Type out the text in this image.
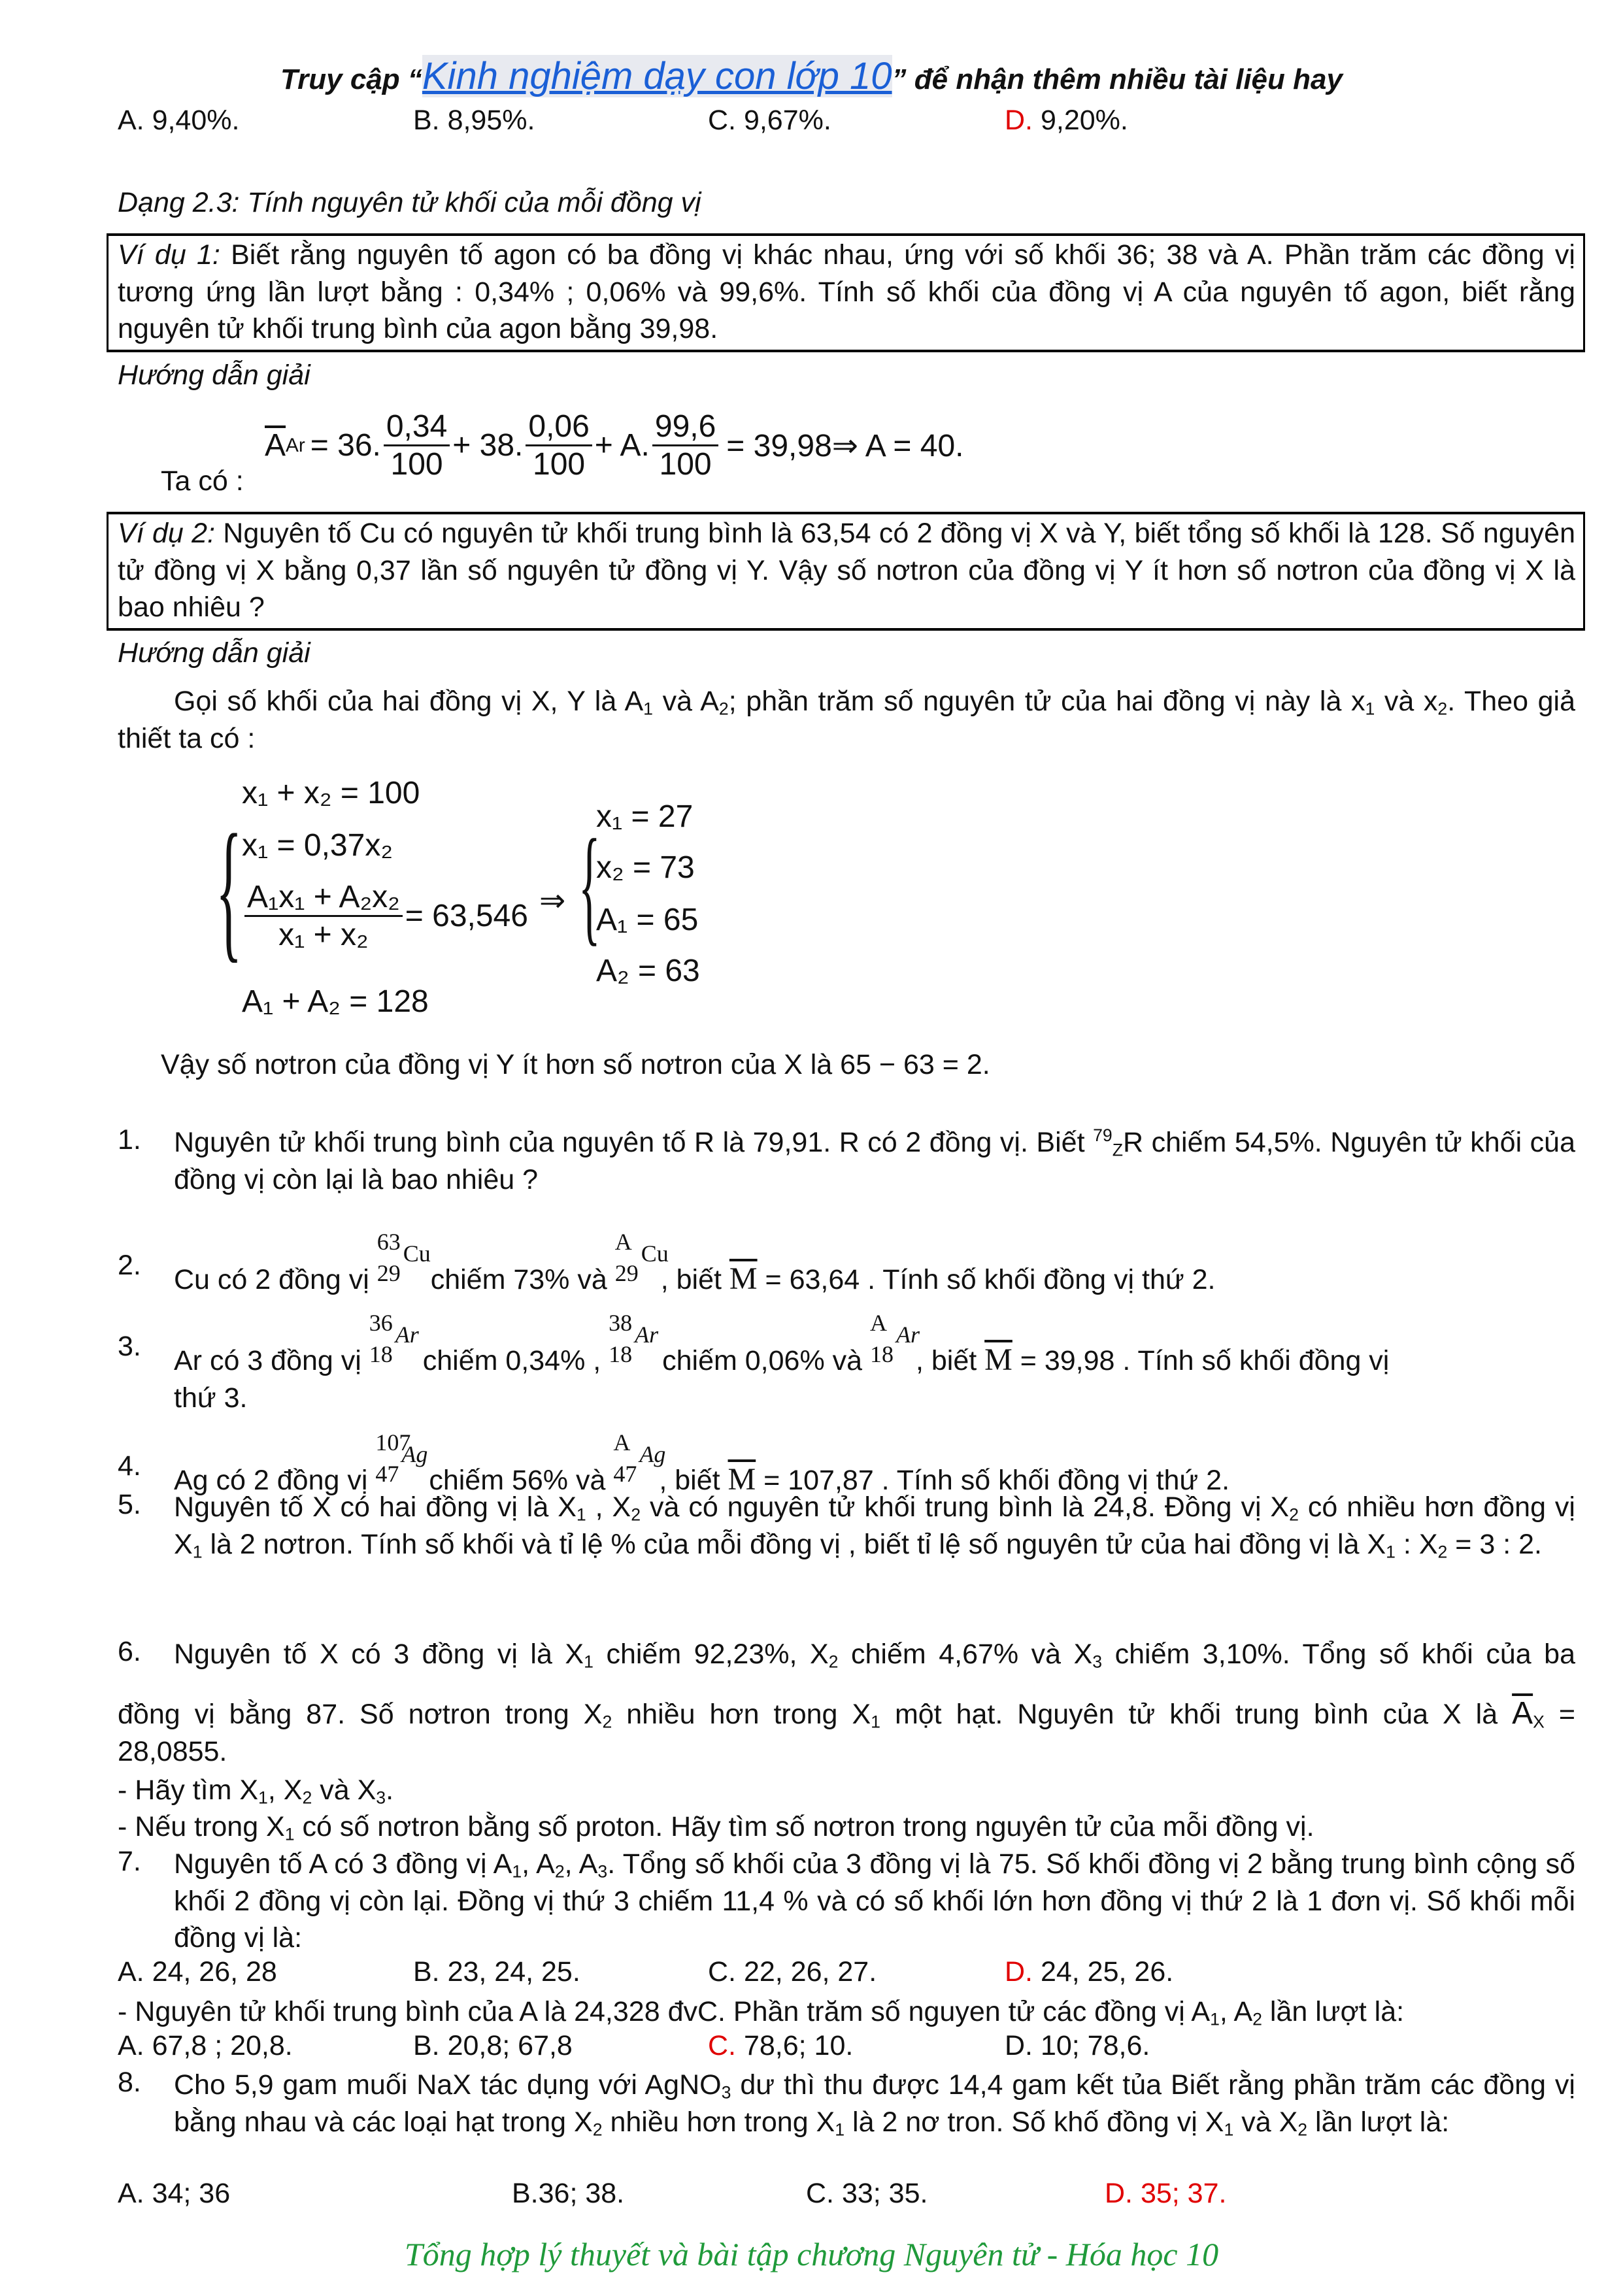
Truy cập “Kinh nghiệm dạy con lớp 10” để nhận thêm nhiều tài liệu hay
A. 9,40%.	B. 8,95%.	C. 9,67%.	D. 9,20%.
Dạng 2.3: Tính nguyên tử khối của mỗi đồng vị
Ví dụ 1: Biết rằng nguyên tố agon có ba đồng vị khác nhau, ứng với số khối 36; 38 và A. Phần trăm các đồng vị tương ứng lần lượt bằng : 0,34% ; 0,06% và 99,6%. Tính số khối của đồng vị A của nguyên tố agon, biết rằng nguyên tử khối trung bình của agon bằng 39,98.
Hướng dẫn giải
Ta có :
$\overline{A}$ Ar = 36. $\frac{0,34}{100} + 38$. $\frac{0,06}{100} + A$. $\frac{99,6}{100}$ = 39,98⇒ A = 40.
Ví dụ 2: Nguyên tố Cu có nguyên tử khối trung bình là 63,54 có 2 đồng vị X và Y, biết tổng số khối là 128. Số nguyên tử đồng vị X bằng 0,37 lần số nguyên tử đồng vị Y. Vậy số nơtron của đồng vị Y ít hơn số nơtron của đồng vị X là bao nhiêu ?
Hướng dẫn giải
Gọi số khối của hai đồng vị X, Y là $A_1$ và $A_2$; phần trăm số nguyên tử của hai đồng vị này là $x_1$ và $x_2$. Theo giả thiết ta có :
{
x₁ + x₂ = 100
x₁ = 0,37x₂
$\frac{\text{A₁x₁ + A₂x₂}}{\text{x₁ + x₂}} = 63,546$
A₁ + A₂ = 128
⇒ {
x₁ = 27
x₂ = 73
A₁ = 65
A₂ = 63
Vậy số nơtron của đồng vị Y ít hơn số nơtron của X là 65 − 63 = 2.
1. Nguyên tử khối trung bình của nguyên tố R là 79,91. R có 2 đồng vị. Biết $^{79}_Z$R chiếm 54,5%. Nguyên tử khối của đồng vị còn lại là bao nhiêu ?
2. Cu có 2 đồng vị
63
29
Cu
chiếm 73% và
A
29
Cu
, biết $\overline{M} = 63,64$ . Tính số khối đồng vị thứ 2.
3. Ar có 3 đồng vị
36
18
Ar
chiếm 0,34% ,
38
18
Ar
chiếm 0,06% và
A
18
Ar
, biết $\overline{M} = 39,98$ . Tính số khối đồng vị
thứ 3.
4. Ag có 2 đồng vị
107
47
Ag
chiếm 56% và
A
47
Ag
, biết $\overline{M} = 107,87$ . Tính số khối đồng vị thứ 2.
5. Nguyên tố X có hai đồng vị là $X_1$ , $X_2$ và có nguyên tử khối trung bình là 24,8. Đồng vị $X_2$ có nhiều hơn đồng vị $X_1$ là 2 nơtron. Tính số khối và tỉ lệ % của mỗi đồng vị , biết tỉ lệ số nguyên tử của hai đồng vị là $X_1$ : $X_2 = 3$ : 2.
6. Nguyên tố X có 3 đồng vị là $X_1$ chiếm 92,23%, $X_2$ chiếm 4,67% và $X_3$ chiếm 3,10%. Tổng số khối của ba
đồng vị bằng 87. Số nơtron trong $X_2$ nhiều hơn trong $X_1$ một hạt. Nguyên tử khối trung bình của X là $\overline{A}_X$ =
28,0855.
- Hãy tìm $X_1$, $X_2$ và $X_3$.
- Nếu trong $X_1$ có số nơtron bằng số proton. Hãy tìm số nơtron trong nguyên tử của mỗi đồng vị.
7. Nguyên tố A có 3 đồng vị $A_1$, $A_2$, $A_3$. Tổng số khối của 3 đồng vị là 75. Số khối đồng vị 2 bằng trung bình cộng số khối 2 đồng vị còn lại. Đồng vị thứ 3 chiếm 11,4 % và có số khối lớn hơn đồng vị thứ 2 là 1 đơn vị. Số khối mỗi đồng vị là:
A. 24, 26, 28	B. 23, 24, 25.	C. 22, 26, 27.	D. 24, 25, 26.
- Nguyên tử khối trung bình của A là 24,328 đvC. Phần trăm số nguyen tử các đồng vị $A_1$, $A_2$ lần lượt là:
A. 67,8 ; 20,8.	B. 20,8; 67,8	C. 78,6; 10.	D. 10; 78,6.
8. Cho 5,9 gam muối NaX tác dụng với AgNO$_3$ dư thì thu được 14,4 gam kết tủa Biết rằng phần trăm các đồng vị bằng nhau và các loại hạt trong $X_2$ nhiều hơn trong $X_1$ là 2 nơ tron. Số khố đồng vị $X_1$ và $X_2$ lần lượt là:
A. 34; 36	B.36; 38.	C. 33; 35.	D. 35; 37.
Tổng hợp lý thuyết và bài tập chương Nguyên tử - Hóa học 10
